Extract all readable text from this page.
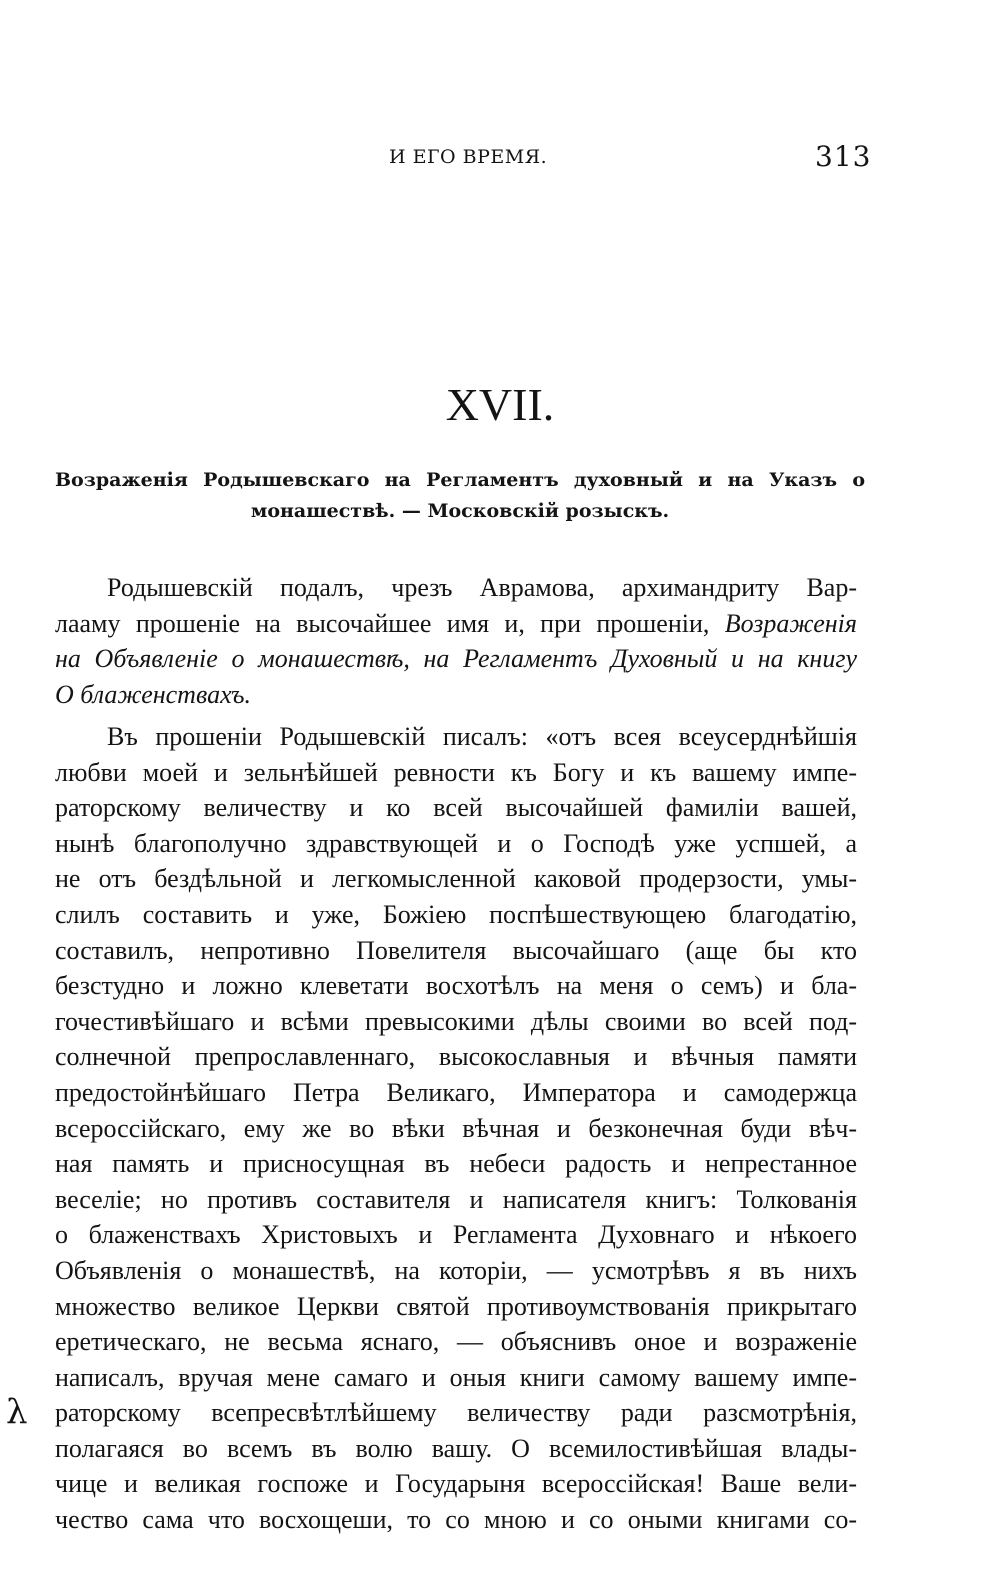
И ЕГО ВРЕМЯ.	313
XVII.
Возраженія Родышевскаго на Регламентъ духовный и на Указъ о
монашествѣ. — Московскій розыскъ.
Родышевскій подалъ, чрезъ Аврамова, архимандриту Вар-
лааму прошеніе на высочайшее имя и, при прошеніи, Возраженія
на Объявленіе о монашествѣ, на Регламентъ Духовный и на книгу
О блаженствахъ.
Въ прошеніи Родышевскій писалъ: «отъ всея всеусерднѣйшія
любви моей и зельнѣйшей ревности къ Богу и къ вашему импе-
раторскому величеству и ко всей высочайшей фамиліи вашей,
нынѣ благополучно здравствующей и о Господѣ уже успшей, а
не отъ бездѣльной и легкомысленной каковой продерзости, умы-
слилъ составить и уже, Божіею поспѣшествующею благодатію,
составилъ, непротивно Повелителя высочайшаго (аще бы кто
безстудно и ложно клеветати восхотѣлъ на меня о семъ) и бла-
гочестивѣйшаго и всѣми превысокими дѣлы своими во всей под-
солнечной препрославленнаго, высокославныя и вѣчныя памяти
предостойнѣйшаго Петра Великаго, Императора и самодержца
всероссійскаго, ему же во вѣки вѣчная и безконечная буди вѣч-
ная память и присносущная въ небеси радость и непрестанное
веселіе; но противъ составителя и написателя книгъ: Толкованія
о блаженствахъ Христовыхъ и Регламента Духовнаго и нѣкоего
Объявленія о монашествѣ, на которіи, — усмотрѣвъ я въ нихъ
множество великое Церкви святой противоумствованія прикрытаго
еретическаго, не весьма яснаго, — объяснивъ оное и возраженіе
написалъ, вручая мене самаго и оныя книги самому вашему импе-
раторскому всепресвѣтлѣйшему величеству ради разсмотрѣнія,
полагаяся во всемъ въ волю вашу. О всемилостивѣйшая влады-
чице и великая госпоже и Государыня всероссійская! Ваше вели-
чество сама что восхощеши, то со мною и со оными книгами со-
λ
